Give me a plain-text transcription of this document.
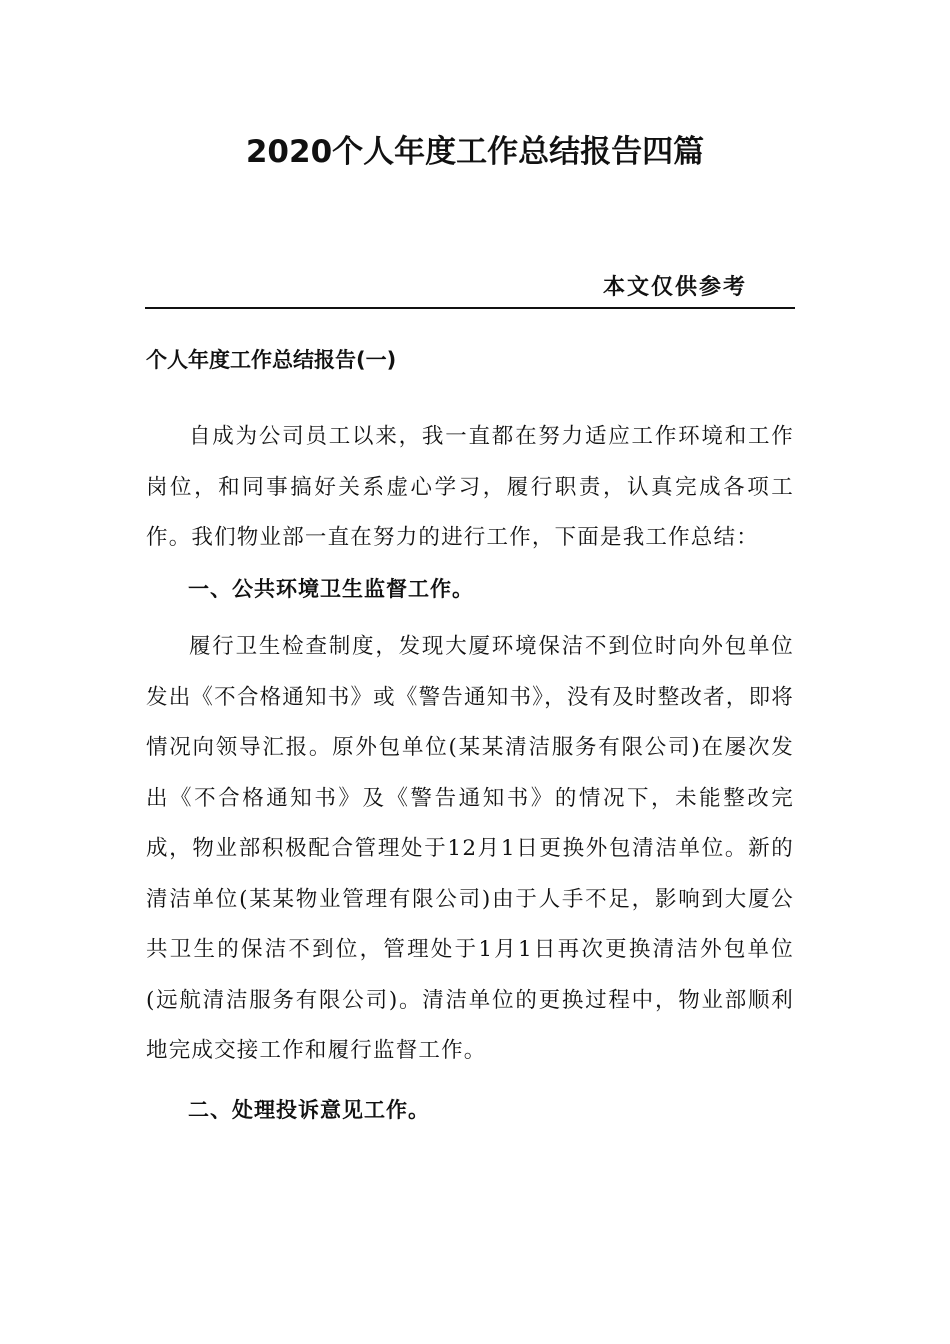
2020个人年度工作总结报告四篇
本文仅供参考
个人年度工作总结报告(一)

自成为公司员工以来，我一直都在努力适应工作环境和工作岗位，和同事搞好关系虚心学习，履行职责，认真完成各项工作。我们物业部一直在努力的进行工作，下面是我工作总结：

一、公共环境卫生监督工作。

履行卫生检查制度，发现大厦环境保洁不到位时向外包单位发出《不合格通知书》或《警告通知书》，没有及时整改者，即将情况向领导汇报。原外包单位(某某清洁服务有限公司)在屡次发出《不合格通知书》及《警告通知书》的情况下，未能整改完成，物业部积极配合管理处于12月1日更换外包清洁单位。新的清洁单位(某某物业管理有限公司)由于人手不足，影响到大厦公共卫生的保洁不到位，管理处于1月1日再次更换清洁外包单位(远航清洁服务有限公司)。清洁单位的更换过程中，物业部顺利地完成交接工作和履行监督工作。

二、处理投诉意见工作。
